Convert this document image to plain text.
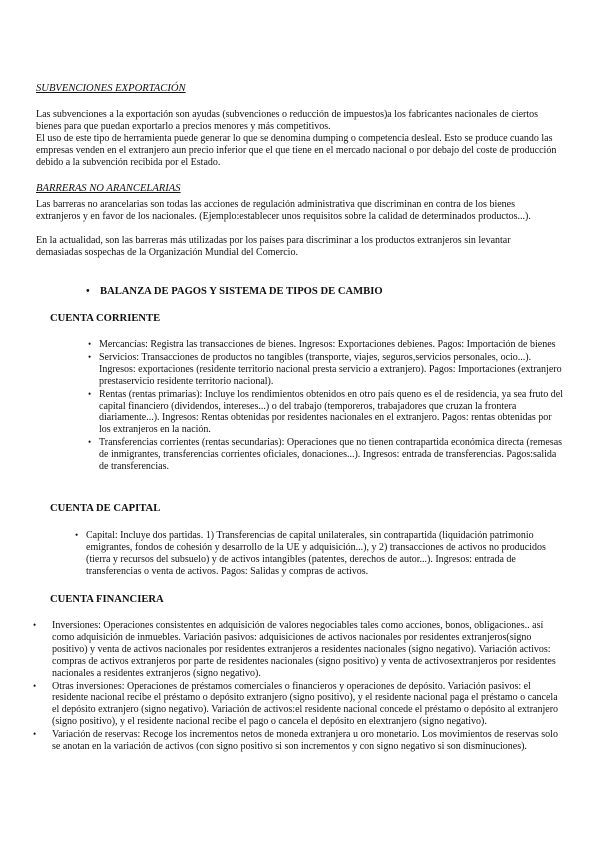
SUBVENCIONES EXPORTACIÓN

Las subvenciones a la exportación son ayudas (subvenciones o reducción de impuestos)a los fabricantes nacionales de ciertos bienes para que puedan exportarlo a precios menores y más competitivos.

El uso de este tipo de herramienta puede generar lo que se denomina dumping o competencia desleal. Esto se produce cuando las empresas venden en el extranjero aun precio inferior que el que tiene en el mercado nacional o por debajo del coste de producción debido a la subvención recibida por el Estado.

BARRERAS NO ARANCELARIAS

Las barreras no arancelarias son todas las acciones de regulación administrativa que discriminan en contra de los bienes extranjeros y en favor de los nacionales. (Ejemplo:establecer unos requisitos sobre la calidad de determinados productos...).

En la actualidad, son las barreras más utilizadas por los países para discriminar a los productos extranjeros sin levantar demasiadas sospechas de la Organización Mundial del Comercio.

• BALANZA DE PAGOS Y SISTEMA DE TIPOS DE CAMBIO
CUENTA CORRIENTE
• Mercancías: Registra las transacciones de bienes. Ingresos: Exportaciones debienes. Pagos: Importación de bienes
• Servicios: Transacciones de productos no tangibles (transporte, viajes, seguros,servicios personales, ocio...). Ingresos: exportaciones (residente territorio nacional presta servicio a extranjero). Pagos: Importaciones (extranjero prestaservicio residente territorio nacional).
• Rentas (rentas primarias): Incluye los rendimientos obtenidos en otro país queno es el de residencia, ya sea fruto del capital financiero (dividendos, intereses...) o del trabajo (temporeros, trabajadores que cruzan la frontera diariamente...). Ingresos: Rentas obtenidas por residentes nacionales en el extranjero. Pagos: rentas obtenidas por los extranjeros en la nación.
• Transferencias corrientes (rentas secundarias): Operaciones que no tienen contrapartida económica directa (remesas de inmigrantes, transferencias corrientes oficiales, donaciones...). Ingresos: entrada de transferencias. Pagos:salida de transferencias.
CUENTA DE CAPITAL
• Capital: Incluye dos partidas. 1) Transferencias de capital unilaterales, sin contrapartida (liquidación patrimonio emigrantes, fondos de cohesión y desarrollo de la UE y adquisición...), y 2) transacciones de activos no producidos (tierra y recursos del subsuelo) y de activos intangibles (patentes, derechos de autor...). Ingresos: entrada de transferencias o venta de activos. Pagos: Salidas y compras de activos.
CUENTA FINANCIERA
• Inversiones: Operaciones consistentes en adquisición de valores negociables tales como acciones, bonos, obligaciones.. así como adquisición de inmuebles. Variación pasivos: adquisiciones de activos nacionales por residentes extranjeros(signo positivo) y venta de activos nacionales por residentes extranjeros a residentes nacionales (signo negativo). Variación activos: compras de activos extranjeros por parte de residentes nacionales (signo positivo) y venta de activosextranjeros por residentes nacionales a residentes extranjeros (signo negativo).
• Otras inversiones: Operaciones de préstamos comerciales o financieros y operaciones de depósito. Variación pasivos: el residente nacional recibe el préstamo o depósito extranjero (signo positivo), y el residente nacional paga el préstamo o cancela el depósito extranjero (signo negativo). Variación de activos:el residente nacional concede el préstamo o depósito al extranjero (signo positivo), y el residente nacional recibe el pago o cancela el depósito en elextranjero (signo negativo).
• Variación de reservas: Recoge los incrementos netos de moneda extranjera u oro monetario. Los movimientos de reservas solo se anotan en la variación de activos (con signo positivo si son incrementos y con signo negativo si son disminuciones).
